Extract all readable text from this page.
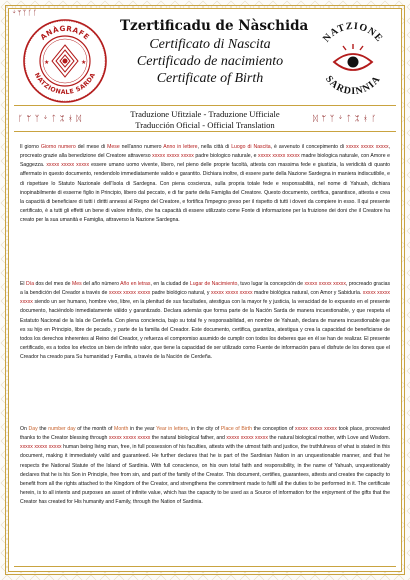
ᛎᛘᛉᚴᚴ
ANÀGRAFE
NATZIONALE SARDA
★	★
NATZIONE
SARDINNIA
Tzertificadu de Nàschida
Certificato di Nascita
Certificado de nacimiento
Certificate of Birth
ᚴ ᛘ ᛉ ᛎ ᛏ ᛯ ᚼ ᛞ	Traduzione Ufitziale - Traduzione Ufficiale
Traducción Oficial - Official Translation
ᛞ ᛘ ᛉ ᛎ ᛏ ᛯ ᚼ ᚴ
Il giorno Giorno numero del mese di Mese nell'anno numero Anno in lettere, nella città di Luogo di Nascita, è avvenuto il concepimento di xxxxx xxxxx xxxxx, procreato grazie alla benedizione del Creatore attraverso xxxxx xxxxx xxxxx padre biologico naturale, e xxxxx xxxxx xxxxx madre biologica naturale, con Amore e Saggezza. xxxxx xxxxx xxxxx essere umano uomo vivente, libero, nel pieno delle proprie facoltà, attesta con massima fede e giustizia, la veridicità di quanto affermato in questo documento, rendendolo immediatamente valido e garantito. Dichiara inoltre, di essere parte della Nazione Sardegna in maniera indiscutibile, e di rispettare lo Statuto Nazionale dell'Isola di Sardegna. Con piena coscienza, sulla propria totale fede e responsabilità, nel nome di Yahuah, dichiara inopinabilmente di esserne figlio in Principio, libero dal peccato, e di far parte della Famiglia del Creatore. Questo documento, certifica, garantisce, attesta e crea la capacità di beneficiare di tutti i diritti annessi al Regno del Creatore, e fortifica l'impegno preso per il rispetto di tutti i doveri da compiere in esso. Il qui presente certificato, è a tutti gli effetti un bene di valore infinito, che ha capacità di essere utilizzato come Fonte di informazione per la fruizione dei doni che il Creatore ha creato per la sua umanità e Famiglia, attraverso la Nazione Sardegna.
El Día dos del mes de Mes del año número Año en letras, en la ciudad de Lugar de Nacimiento, tuvo lugar la concepción de xxxxx xxxxx xxxxx, procreado gracias a la bendición del Creador a través de xxxxx xxxxx xxxxx padre biológico natural, y xxxxx xxxxx xxxxx madre biológica natural, con Amor y Sabiduría. xxxxx xxxxx xxxxx siendo un ser humano, hombre vivo, libre, en la plenitud de sus facultades, atestigua con la mayor fe y justicia, la veracidad de lo expuesto en el presente documento, haciéndolo inmediatamente válido y garantizado. Declara además que forma parte de la Nación Sarda de manera incuestionable, y que respeta el Estatuto Nacional de la Isla de Cerdeña. Con plena conciencia, bajo su total fe y responsabilidad, en nombre de Yahuah, declara de manera incuestionable que es su hijo en Principio, libre de pecado, y parte de la familia del Creador. Este documento, certifica, garantiza, atestigua y crea la capacidad de beneficiarse de todos los derechos inherentes al Reino del Creador, y refuerza el compromiso asumido de cumplir con todos los deberes que en él se han de realizar. El presente certificado, es a todos los efectos un bien de infinito valor, que tiene la capacidad de ser utilizado como Fuente de información para el disfrute de los dones que el Creador ha creado para Su humanidad y Familia, a través de la Nación de Cerdeña.
On Day the number day of the month of Month in the year Year in letters, in the city of Place of Birth the conception of xxxxx xxxxx xxxxx took place, procreated thanks to the Creator blessing through xxxxx xxxxx xxxxx the natural biological father, and xxxxx xxxxx xxxxx the natural biological mother, with Love and Wisdom. xxxxx xxxxx xxxxx human being living man, free, in full possession of his faculties, attests with the utmost faith and justice, the truthfulness of what is stated in this document, making it immediately valid and guaranteed. He further declares that he is part of the Sardinian Nation in an unquestionable manner, and that he respects the National Statute of the Island of Sardinia. With full conscience, on his own total faith and responsibility, in the name of Yahuah, unquestionably declares that he is his Son in Principle, free from sin, and part of the family of the Creator. This document, certifies, guarantees, attests and creates the capacity to benefit from all the rights attached to the Kingdom of the Creator, and strengthens the commitment made to fulfil all the duties to be performed in it. The certificate herein, is to all intents and purposes an asset of infinite value, which has the capacity to be used as a Source of information for the enjoyment of the gifts that the Creator has created for His humanity and Family, through the Nation of Sardinia.
